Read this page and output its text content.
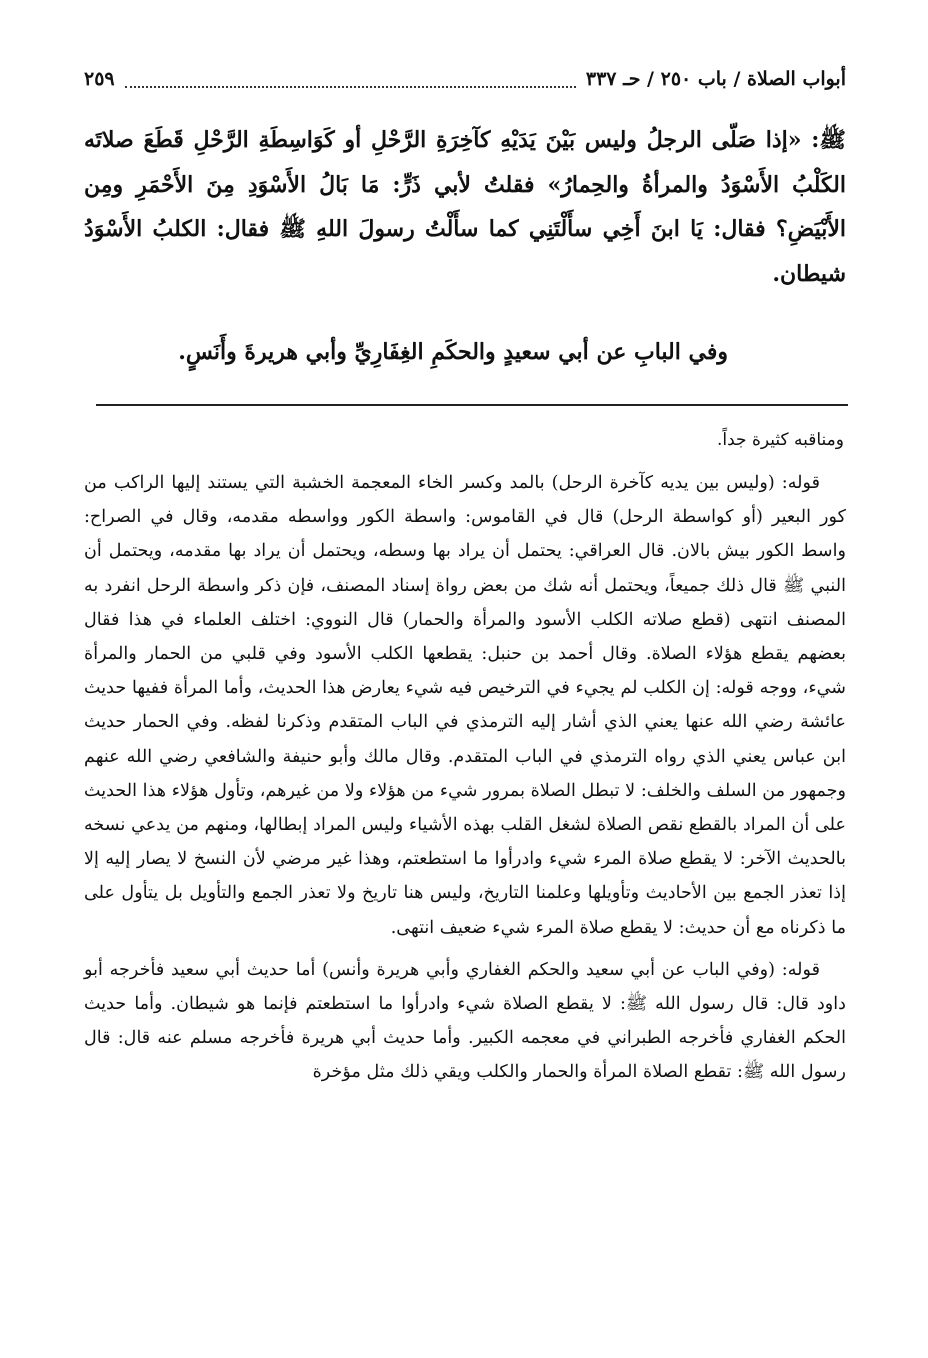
أبواب الصلاة / باب ٢٥٠ / حـ ٣٣٧
٢٥٩
ﷺ: «إذا صَلّى الرجلُ وليس بَيْنَ يَدَيْهِ كآخِرَةِ الرَّحْلِ أو كَوَاسِطَةِ الرَّحْلِ قَطَعَ صلاتَه الكَلْبُ الأَسْوَدُ والمرأةُ والحِمارُ» فقلتُ لأبي ذَرٍّ: مَا بَالُ الأَسْوَدِ مِنَ الأَحْمَرِ ومِن الأَبْيَضِ؟ فقال: يَا ابنَ أَخِي سأَلْتَنِي كما سأَلْتُ رسولَ اللهِ ﷺ فقال: الكلبُ الأَسْوَدُ شيطان.
وفي البابِ عن أبي سعيدٍ والحكَمِ الغِفَارِيِّ وأبي هريرةَ وأَنَسٍ.
ومناقبه كثيرة جداً.

قوله: (وليس بين يديه كآخرة الرحل) بالمد وكسر الخاء المعجمة الخشبة التي يستند إليها الراكب من كور البعير (أو كواسطة الرحل) قال في القاموس: واسطة الكور وواسطه مقدمه، وقال في الصراح: واسط الكور بيش بالان. قال العراقي: يحتمل أن يراد بها وسطه، ويحتمل أن يراد بها مقدمه، ويحتمل أن النبي ﷺ قال ذلك جميعاً، ويحتمل أنه شك من بعض رواة إسناد المصنف، فإن ذكر واسطة الرحل انفرد به المصنف انتهى (قطع صلاته الكلب الأسود والمرأة والحمار) قال النووي: اختلف العلماء في هذا فقال بعضهم يقطع هؤلاء الصلاة. وقال أحمد بن حنبل: يقطعها الكلب الأسود وفي قلبي من الحمار والمرأة شيء، ووجه قوله: إن الكلب لم يجيء في الترخيص فيه شيء يعارض هذا الحديث، وأما المرأة ففيها حديث عائشة رضي الله عنها يعني الذي أشار إليه الترمذي في الباب المتقدم وذكرنا لفظه. وفي الحمار حديث ابن عباس يعني الذي رواه الترمذي في الباب المتقدم. وقال مالك وأبو حنيفة والشافعي رضي الله عنهم وجمهور من السلف والخلف: لا تبطل الصلاة بمرور شيء من هؤلاء ولا من غيرهم، وتأول هؤلاء هذا الحديث على أن المراد بالقطع نقص الصلاة لشغل القلب بهذه الأشياء وليس المراد إبطالها، ومنهم من يدعي نسخه بالحديث الآخر: لا يقطع صلاة المرء شيء وادرأوا ما استطعتم، وهذا غير مرضي لأن النسخ لا يصار إليه إلا إذا تعذر الجمع بين الأحاديث وتأويلها وعلمنا التاريخ، وليس هنا تاريخ ولا تعذر الجمع والتأويل بل يتأول على ما ذكرناه مع أن حديث: لا يقطع صلاة المرء شيء ضعيف انتهى.

قوله: (وفي الباب عن أبي سعيد والحكم الغفاري وأبي هريرة وأنس) أما حديث أبي سعيد فأخرجه أبو داود قال: قال رسول الله ﷺ: لا يقطع الصلاة شيء وادرأوا ما استطعتم فإنما هو شيطان. وأما حديث الحكم الغفاري فأخرجه الطبراني في معجمه الكبير. وأما حديث أبي هريرة فأخرجه مسلم عنه قال: قال رسول الله ﷺ: تقطع الصلاة المرأة والحمار والكلب ويقي ذلك مثل مؤخرة
